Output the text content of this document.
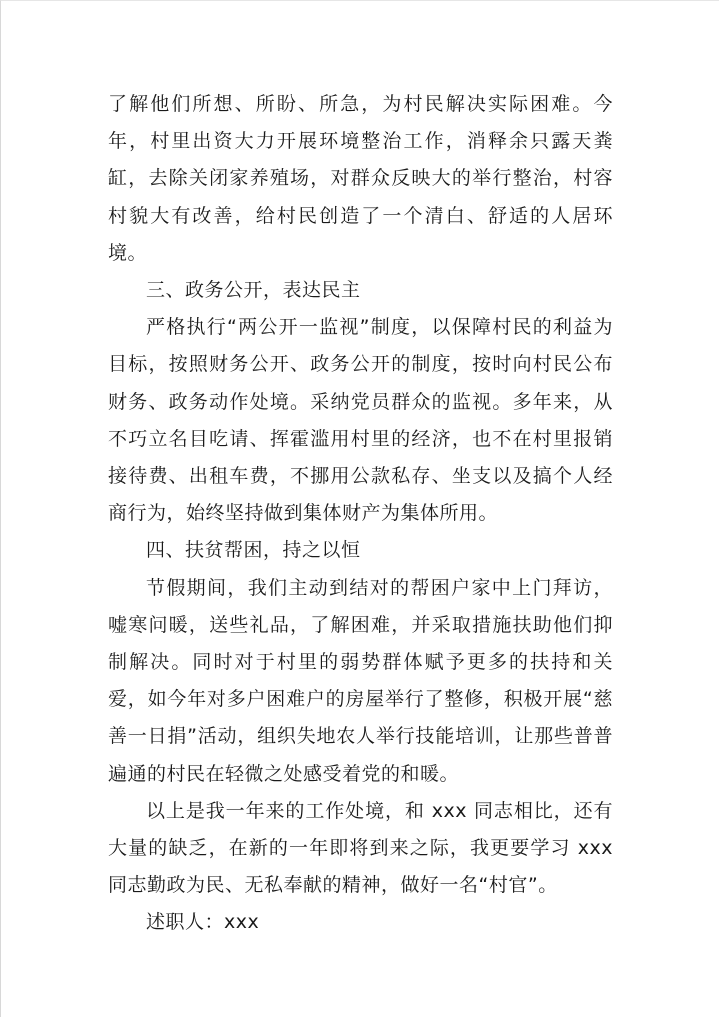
了解他们所想、所盼、所急，为村民解决实际困难。今年，村里出资大力开展环境整治工作，消释余只露天粪缸，去除关闭家养殖场，对群众反映大的举行整治，村容村貌大有改善，给村民创造了一个清白、舒适的人居环境。

三、政务公开，表达民主

严格执行“两公开一监视”制度，以保障村民的利益为目标，按照财务公开、政务公开的制度，按时向村民公布财务、政务动作处境。采纳党员群众的监视。多年来，从不巧立名目吃请、挥霍滥用村里的经济，也不在村里报销接待费、出租车费，不挪用公款私存、坐支以及搞个人经商行为，始终坚持做到集体财产为集体所用。

四、扶贫帮困，持之以恒

节假期间，我们主动到结对的帮困户家中上门拜访，嘘寒问暖，送些礼品，了解困难，并采取措施扶助他们抑制解决。同时对于村里的弱势群体赋予更多的扶持和关爱，如今年对多户困难户的房屋举行了整修，积极开展“慈善一日捐”活动，组织失地农人举行技能培训，让那些普普遍通的村民在轻微之处感受着党的和暖。

以上是我一年来的工作处境，和 xxx 同志相比，还有大量的缺乏，在新的一年即将到来之际，我更要学习 xxx 同志勤政为民、无私奉献的精神，做好一名“村官”。

述职人：xxx
